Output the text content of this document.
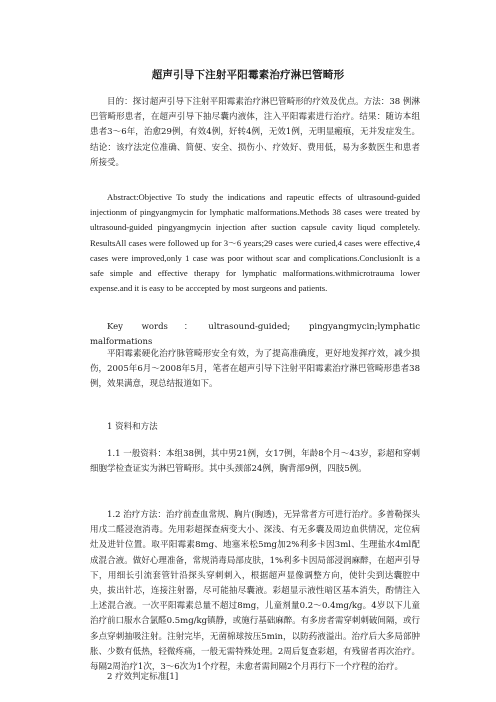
超声引导下注射平阳霉素治疗淋巴管畸形

目的：探讨超声引导下注射平阳霉素治疗淋巴管畸形的疗效及优点。方法：38 例淋巴管畸形患者，在超声引导下抽尽囊内液体，注入平阳霉素进行治疗。结果：随访本组患者3～6年，治愈29例，有效4例，好转4例，无效1例，无明显瘢痕，无并发症发生。结论：该疗法定位准确、简便、安全、损伤小、疗效好、费用低，易为多数医生和患者所接受。

Abstract:Objective To study the indications and rapeutic effects of ultrasound-guided injectionm of pingyangmycin for lymphatic malformations.Methods 38 cases were treated by ultrasound-guided pingyangmycin injection after suction capsule cavity liqud completely. ResultsAll cases were followed up for 3～6 years;29 cases were curied,4 cases were effective,4 cases were improved,only 1 case was poor without scar and complications.ConclusionIt is a safe simple and effective therapy for lymphatic malformations.withmicrotrauma lower expense.and it is easy to be acccepted by most surgeons and patients.

Key words：ultrasound-guided; pingyangmycin;lymphatic malformations

平阳霉素硬化治疗脉管畸形安全有效，为了提高准确度，更好地发挥疗效，减少损伤，2005年6月～2008年5月，笔者在超声引导下注射平阳霉素治疗淋巴管畸形患者38例，效果满意，现总结报道如下。

1 资料和方法

1.1 一般资料：本组38例，其中男21例，女17例，年龄8个月～43岁，彩超和穿刺细胞学检查证实为淋巴管畸形。其中头颈部24例，胸背部9例，四肢5例。

1.2 治疗方法：治疗前查血常规、胸片(胸透)，无异常者方可进行治疗。多普勒探头用戊二醛浸泡消毒。先用彩超探查病变大小、深浅、有无多囊及周边血供情况，定位病灶及进针位置。取平阳霉素8mg、地塞米松5mg加2%利多卡因3ml、生理盐水4ml配成混合液。做好心理准备，常规消毒局部皮肤，1%利多卡因局部浸润麻醉，在超声引导下，用细长引流套管针沿探头穿刺刺入，根据超声显像调整方向，使针尖到达囊腔中央，拔出针芯，连接注射器，尽可能抽尽囊液。彩超显示液性暗区基本消失，酌情注入上述混合液。一次平阳霉素总量不超过8mg，儿童剂量0.2～0.4mg/kg。4岁以下儿童治疗前口服水合氯醛0.5mg/kg镇静，或施行基础麻醉。有多房者需穿刺刺破间隔，或行多点穿刺抽吸注射。注射完毕，无菌棉球按压5min，以防药液溢出。治疗后大多局部肿胀、少数有低热，轻微疼痛，一般无需特殊处理。2周后复查彩超，有残留者再次治疗。每隔2周治疗1次，3～6次为1个疗程，未愈者需间隔2个月再行下一个疗程的治疗。

2 疗效判定标准[1]
